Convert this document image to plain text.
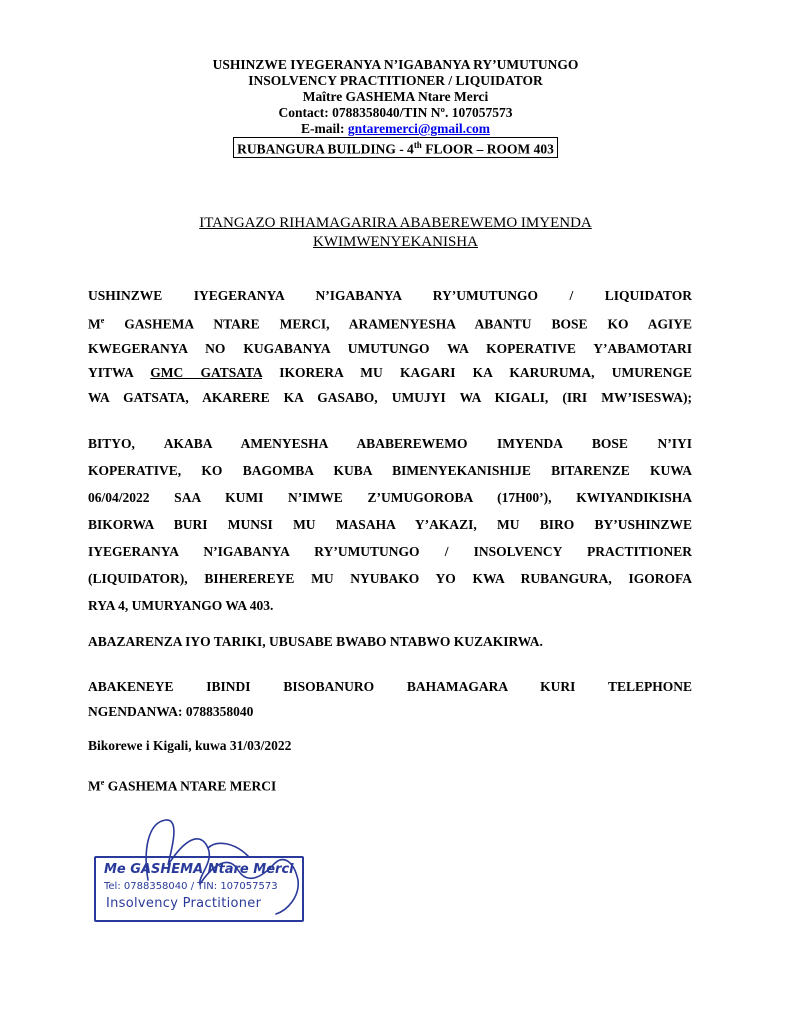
USHINZWE IYEGERANYA N’IGABANYA RY’UMUTUNGO
INSOLVENCY PRACTITIONER / LIQUIDATOR
Maître GASHEMA Ntare Merci
Contact: 0788358040/TIN Nº. 107057573
E-mail: gntaremerci@gmail.com
RUBANGURA BUILDING - 4th FLOOR – ROOM 403
ITANGAZO RIHAMAGARIRA ABABEREWEMO IMYENDA
KWIMWENYEKANISHA
USHINZWE IYEGERANYA N’IGABANYA RY’UMUTUNGO / LIQUIDATOR
Me GASHEMA NTARE MERCI, ARAMENYESHA ABANTU BOSE KO AGIYE
KWEGERANYA NO KUGABANYA UMUTUNGO WA KOPERATIVE Y’ABAMOTARI
YITWA GMC GATSATA IKORERA MU KAGARI KA KARURUMA, UMURENGE
WA GATSATA, AKARERE KA GASABO, UMUJYI WA KIGALI, (IRI MW’ISESWA);
BITYO, AKABA AMENYESHA ABABEREWEMO IMYENDA BOSE N’IYI
KOPERATIVE, KO BAGOMBA KUBA BIMENYEKANISHIJE BITARENZE KUWA
06/04/2022 SAA KUMI N’IMWE Z’UMUGOROBA (17H00’), KWIYANDIKISHA
BIKORWA BURI MUNSI MU MASAHA Y’AKAZI, MU BIRO BY’USHINZWE
IYEGERANYA N’IGABANYA RY’UMUTUNGO / INSOLVENCY PRACTITIONER
(LIQUIDATOR), BIHEREREYE MU NYUBAKO YO KWA RUBANGURA, IGOROFA
RYA 4, UMURYANGO WA 403.
ABAZARENZA IYO TARIKI, UBUSABE BWABO NTABWO KUZAKIRWA.
ABAKENEYE IBINDI BISOBANURO BAHAMAGARA KURI TELEPHONE
NGENDANWA: 0788358040
Bikorewe i Kigali, kuwa 31/03/2022
Me GASHEMA NTARE MERCI
Me GASHEMA Ntare Merci
Tel: 0788358040 / TIN: 107057573
Insolvency Practitioner
